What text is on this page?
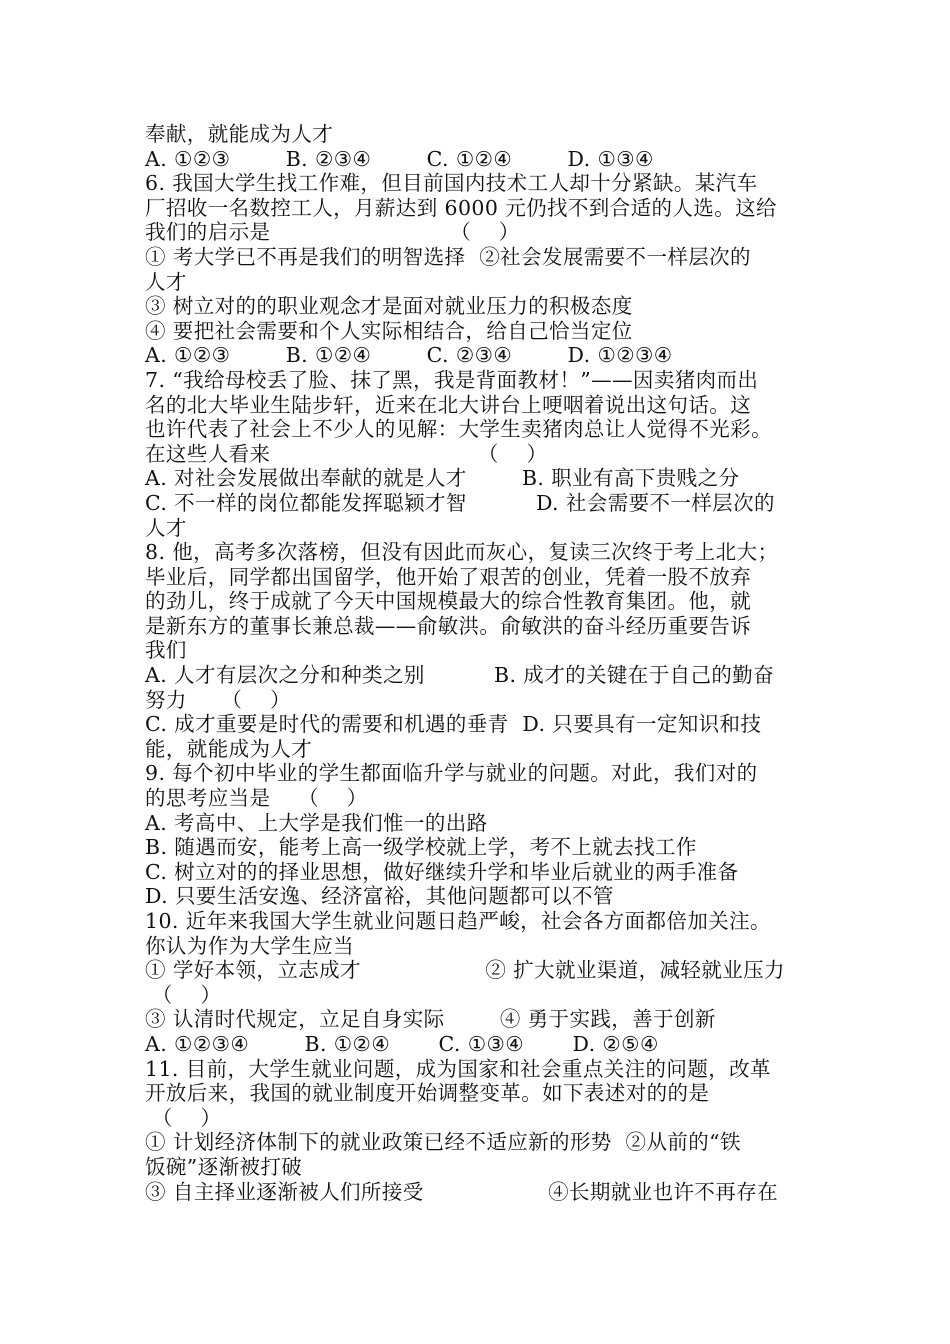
奉献，就能成为人才
A. ①②③        B. ②③④        C. ①②④        D. ①③④
6. 我国大学生找工作难，但目前国内技术工人却十分紧缺。某汽车
厂招收一名数控工人，月薪达到 6000 元仍找不到合适的人选。这给
我们的启示是                          （    ）
① 考大学已不再是我们的明智选择  ②社会发展需要不一样层次的
人才
③ 树立对的的职业观念才是面对就业压力的积极态度
④ 要把社会需要和个人实际相结合，给自己恰当定位
A. ①②③        B. ①②④        C. ②③④        D. ①②③④
7. “我给母校丢了脸、抹了黑，我是背面教材！”——因卖猪肉而出
名的北大毕业生陆步轩，近来在北大讲台上哽咽着说出这句话。这
也许代表了社会上不少人的见解：大学生卖猪肉总让人觉得不光彩。
在这些人看来                              （    ）
A. 对社会发展做出奉献的就是人才        B. 职业有高下贵贱之分
C. 不一样的岗位都能发挥聪颖才智          D. 社会需要不一样层次的
人才
8. 他，高考多次落榜，但没有因此而灰心，复读三次终于考上北大；
毕业后，同学都出国留学，他开始了艰苦的创业，凭着一股不放弃
的劲儿，终于成就了今天中国规模最大的综合性教育集团。他，就
是新东方的董事长兼总裁——俞敏洪。俞敏洪的奋斗经历重要告诉
我们
A. 人才有层次之分和种类之别          B. 成才的关键在于自己的勤奋
努力     （    ）
C. 成才重要是时代的需要和机遇的垂青  D. 只要具有一定知识和技
能，就能成为人才
9. 每个初中毕业的学生都面临升学与就业的问题。对此，我们对的
的思考应当是    （    ）
A. 考高中、上大学是我们惟一的出路
B. 随遇而安，能考上高一级学校就上学，考不上就去找工作
C. 树立对的的择业思想，做好继续升学和毕业后就业的两手准备
D. 只要生活安逸、经济富裕，其他问题都可以不管
10. 近年来我国大学生就业问题日趋严峻，社会各方面都倍加关注。
你认为作为大学生应当
① 学好本领，立志成才                  ② 扩大就业渠道，减轻就业压力
（    ）
③ 认清时代规定，立足自身实际        ④ 勇于实践，善于创新
A. ①②③④        B. ①②④       C. ①③④       D. ②⑤④
11. 目前，大学生就业问题，成为国家和社会重点关注的问题，改革
开放后来，我国的就业制度开始调整变革。如下表述对的的是
（    ）
① 计划经济体制下的就业政策已经不适应新的形势  ②从前的“铁
饭碗”逐渐被打破
③ 自主择业逐渐被人们所接受                  ④长期就业也许不再存在
